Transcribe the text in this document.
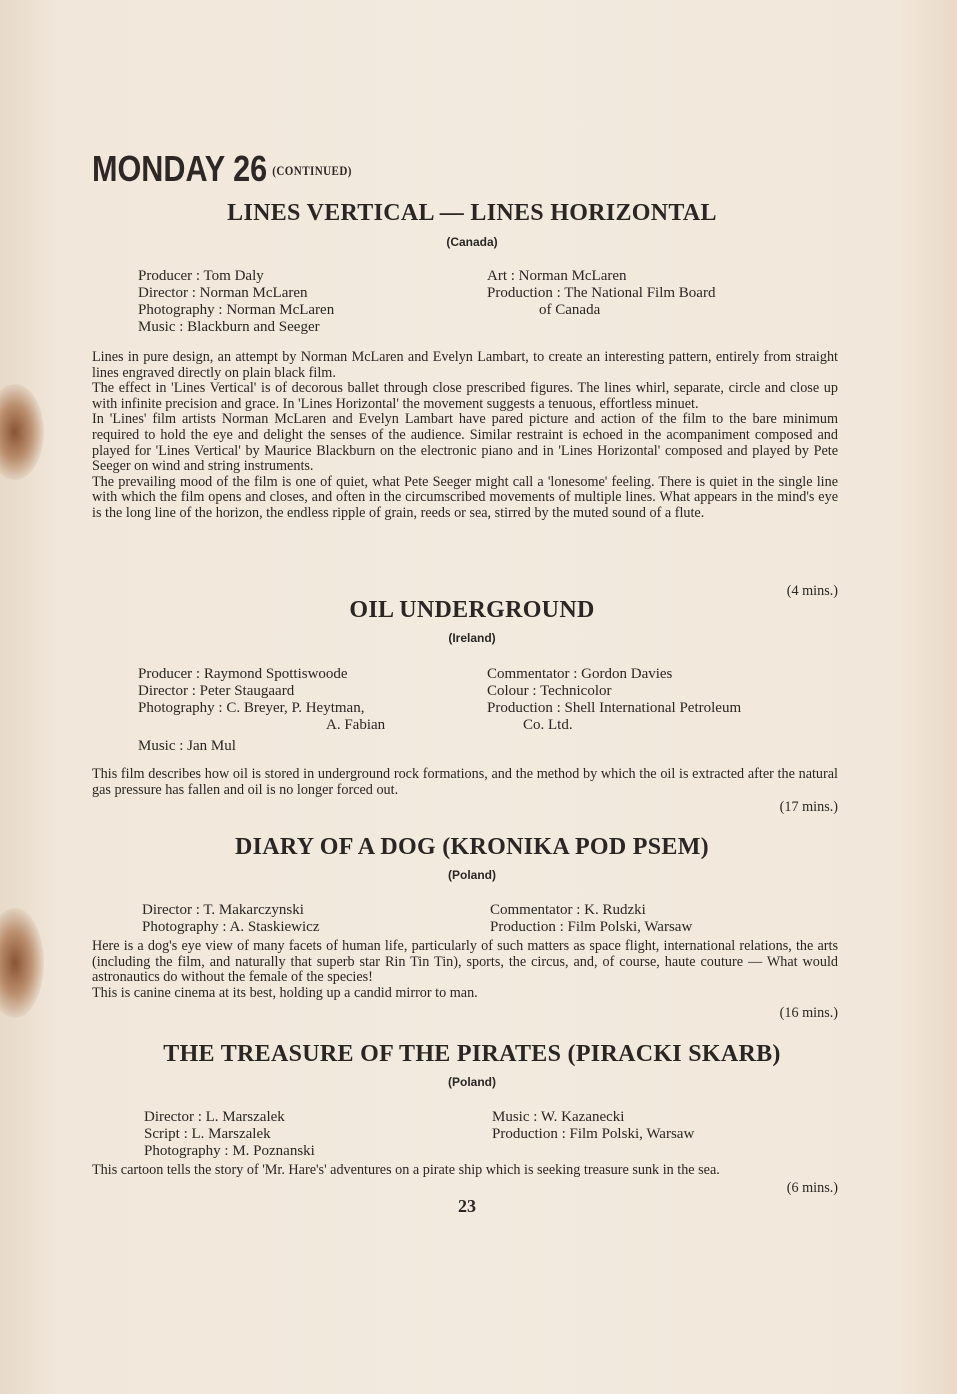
MONDAY 26 (CONTINUED)
LINES VERTICAL — LINES HORIZONTAL
(Canada)
Producer : Tom Daly
Director : Norman McLaren
Photography : Norman McLaren
Music : Blackburn and Seeger
Art : Norman McLaren
Production : The National Film Board
of Canada

Lines in pure design, an attempt by Norman McLaren and Evelyn Lambart, to create an interesting pattern, entirely from straight lines engraved directly on plain black film.

The effect in 'Lines Vertical' is of decorous ballet through close prescribed figures. The lines whirl, separate, circle and close up with infinite precision and grace. In 'Lines Horizontal' the movement suggests a tenuous, effortless minuet.

In 'Lines' film artists Norman McLaren and Evelyn Lambart have pared picture and action of the film to the bare minimum required to hold the eye and delight the senses of the audience. Similar restraint is echoed in the acompaniment composed and played for 'Lines Vertical' by Maurice Blackburn on the electronic piano and in 'Lines Horizontal' composed and played by Pete Seeger on wind and string instruments.

The prevailing mood of the film is one of quiet, what Pete Seeger might call a 'lonesome' feeling. There is quiet in the single line with which the film opens and closes, and often in the circumscribed movements of multiple lines. What appears in the mind's eye is the long line of the horizon, the endless ripple of grain, reeds or sea, stirred by the muted sound of a flute.

(4 mins.)
OIL UNDERGROUND
(Ireland)
Producer : Raymond Spottiswoode
Director : Peter Staugaard
Photography : C. Breyer, P. Heytman,
A. Fabian
Music : Jan Mul
Commentator : Gordon Davies
Colour : Technicolor
Production : Shell International Petroleum
Co. Ltd.

This film describes how oil is stored in underground rock formations, and the method by which the oil is extracted after the natural gas pressure has fallen and oil is no longer forced out.

(17 mins.)
DIARY OF A DOG (KRONIKA POD PSEM)
(Poland)
Director : T. Makarczynski
Photography : A. Staskiewicz
Commentator : K. Rudzki
Production : Film Polski, Warsaw

Here is a dog's eye view of many facets of human life, particularly of such matters as space flight, international relations, the arts (including the film, and naturally that superb star Rin Tin Tin), sports, the circus, and, of course, haute couture — What would astronautics do without the female of the species!

This is canine cinema at its best, holding up a candid mirror to man.

(16 mins.)
THE TREASURE OF THE PIRATES (PIRACKI SKARB)
(Poland)
Director : L. Marszalek
Script : L. Marszalek
Photography : M. Poznanski
Music : W. Kazanecki
Production : Film Polski, Warsaw

This cartoon tells the story of 'Mr. Hare's' adventures on a pirate ship which is seeking treasure sunk in the sea.

(6 mins.)
23
